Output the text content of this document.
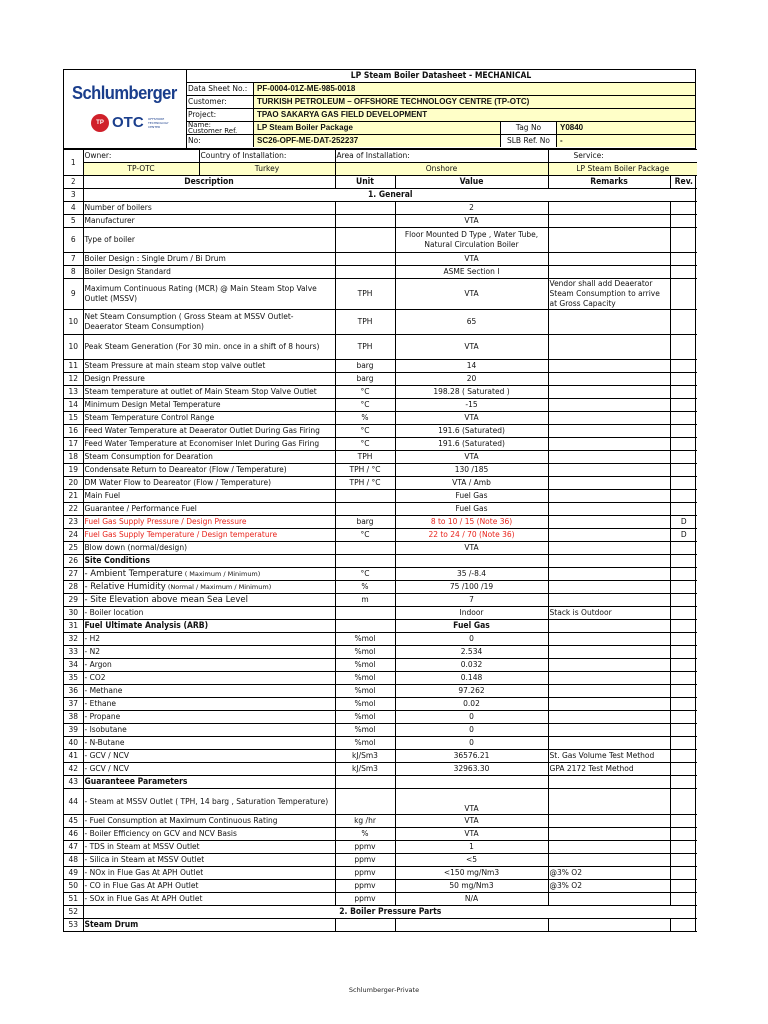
Schlumberger
TP OTC OFFSHORE TECHNOLOGY CENTER
LP Steam Boiler Datasheet - MECHANICAL
Data Sheet No.:	PF-0004-01Z-ME-985-0018
Customer:	TURKISH PETROLEUM – OFFSHORE TECHNOLOGY CENTRE (TP-OTC)
Project:	TPAO SAKARYA GAS FIELD DEVELOPMENT
Name:
Customer Ref.	LP Steam Boiler Package	Tag No	Y0840
No:	SC26-OPF-ME-DAT-252237	SLB Ref. No	-
1	Owner:	Country of Installation:	Area of Installation:		Service:	
	TP-OTC	Turkey	Onshore		LP Steam Boiler Package	
2	Description		Unit	Value	Remarks	Rev.
3	1. General					
4	Number of boilers			2		
5	Manufacturer			VTA		
6	Type of boiler			Floor Mounted D Type , Water Tube, Natural Circulation Boiler		
7	Boiler Design : Single Drum / Bi Drum			VTA		
8	Boiler Design Standard			ASME Section I		
9	Maximum Continuous Rating (MCR) @ Main Steam Stop Valve Outlet (MSSV)		TPH	VTA	Vendor shall add Deaerator Steam Consumption to arrive at Gross Capacity	
10	Net Steam Consumption ( Gross Steam at MSSV Outlet- Deaerator Steam Consumption)		TPH	65		
10	Peak Steam Generation (For 30 min. once in a shift of 8 hours)		TPH	VTA		
11	Steam Pressure at main steam stop valve outlet		barg	14		
12	Design Pressure		barg	20		
13	Steam temperature at outlet of Main Steam Stop Valve Outlet		°C	198.28 ( Saturated )		
14	Minimum Design Metal Temperature		°C	-15		
15	Steam Temperature Control Range		%	VTA		
16	Feed Water Temperature at Deaerator Outlet During Gas Firing		°C	191.6 (Saturated)		
17	Feed Water Temperature at Economiser Inlet During Gas Firing		°C	191.6 (Saturated)		
18	Steam Consumption for Dearation		TPH	VTA		
19	Condensate Return to Deareator (Flow / Temperature)		TPH / °C	130 /185		
20	DM Water Flow to Deareator (Flow / Temperature)		TPH / °C	VTA / Amb		
21	Main Fuel			Fuel Gas		
22	Guarantee / Performance Fuel			Fuel Gas		
23	Fuel Gas Supply Pressure / Design Pressure		barg	8 to 10 / 15 (Note 36)		D
24	Fuel Gas Supply Temperature / Design temperature		°C	22 to 24 / 70 (Note 36)		D
25	Blow down (normal/design)			VTA		
26	Site Conditions					
27	- Ambient Temperature ( Maximum / Minimum)		°C	35 /-8.4		
28	- Relative Humidity (Normal / Maximum / Minimum)		%	75 /100 /19		
29	- Site Elevation above mean Sea Level		m	7		
30	- Boiler location			Indoor	Stack is Outdoor	
31	Fuel Ultimate Analysis (ARB)			Fuel Gas		
32	- H2		%mol	0		
33	- N2		%mol	2.534		
34	- Argon		%mol	0.032		
35	- CO2		%mol	0.148		
36	- Methane		%mol	97.262		
37	- Ethane		%mol	0.02		
38	- Propane		%mol	0		
39	- Isobutane		%mol	0		
40	- N-Butane		%mol	0		
41	- GCV / NCV		kJ/Sm3	36576.21	St. Gas Volume Test Method	
42	- GCV / NCV		kJ/Sm3	32963.30	GPA 2172 Test Method	
43	Guaranteee Parameters					
44	- Steam at MSSV Outlet ( TPH, 14 barg , Saturation Temperature)			VTA		
45	- Fuel Consumption at Maximum Continuous Rating		kg /hr	VTA		
46	- Boiler Efficiency on GCV and NCV Basis		%	VTA		
47	- TDS in Steam at MSSV Outlet		ppmv	1		
48	- Silica in Steam at MSSV Outlet		ppmv	<5		
49	- NOx in Flue Gas At APH Outlet		ppmv	<150 mg/Nm3	@3% O2	
50	- CO in Flue Gas At APH Outlet		ppmv	50 mg/Nm3	@3% O2	
51	- SOx in Flue Gas At APH Outlet		ppmv	N/A		
52	2. Boiler Pressure Parts					
53	Steam Drum					
Schlumberger-Private
